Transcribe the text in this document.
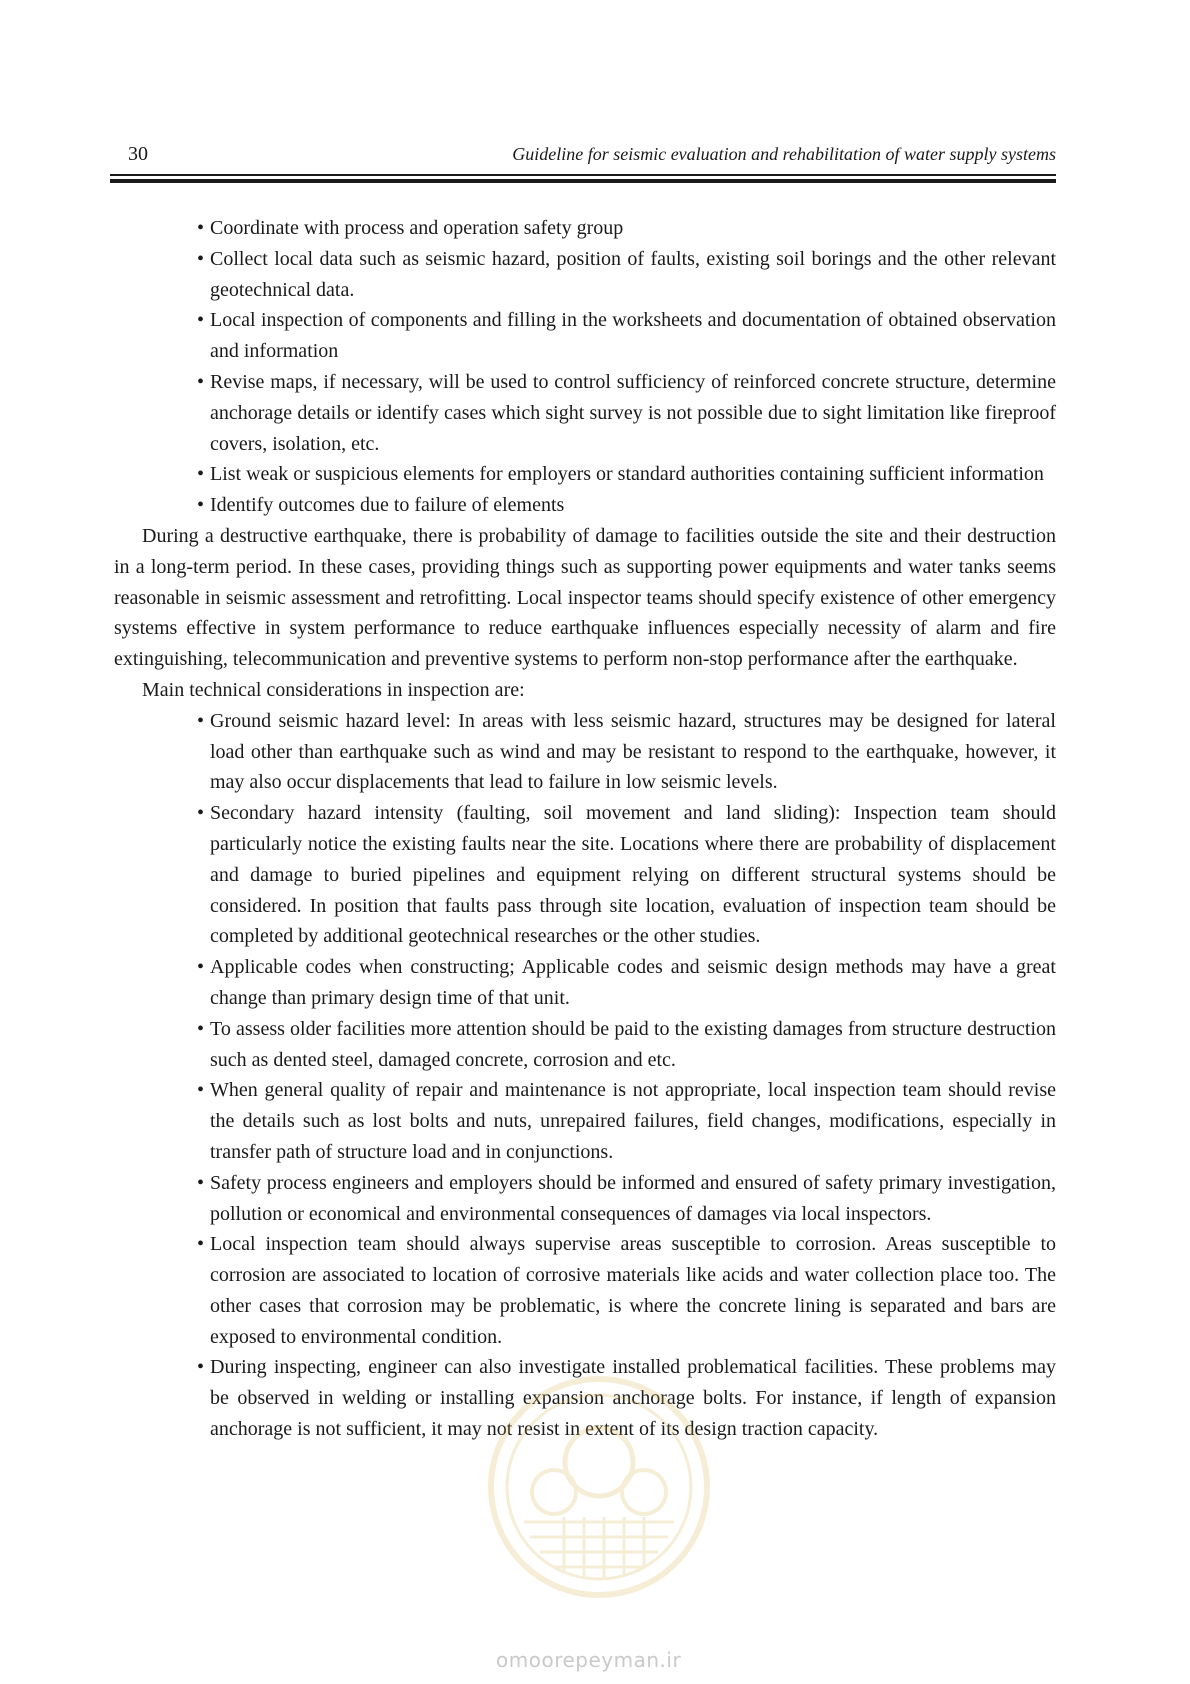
30	Guideline for seismic evaluation and rehabilitation of water supply systems
• Coordinate with process and operation safety group
• Collect local data such as seismic hazard, position of faults, existing soil borings and the other relevant geotechnical data.
• Local inspection of components and filling in the worksheets and documentation of obtained observation and information
• Revise maps, if necessary, will be used to control sufficiency of reinforced concrete structure, determine anchorage details or identify cases which sight survey is not possible due to sight limitation like fireproof covers, isolation, etc.
• List weak or suspicious elements for employers or standard authorities containing sufficient information
• Identify outcomes due to failure of elements

During a destructive earthquake, there is probability of damage to facilities outside the site and their destruction in a long-term period. In these cases, providing things such as supporting power equipments and water tanks seems reasonable in seismic assessment and retrofitting. Local inspector teams should specify existence of other emergency systems effective in system performance to reduce earthquake influences especially necessity of alarm and fire extinguishing, telecommunication and preventive systems to perform non-stop performance after the earthquake.

Main technical considerations in inspection are:

• Ground seismic hazard level: In areas with less seismic hazard, structures may be designed for lateral load other than earthquake such as wind and may be resistant to respond to the earthquake, however, it may also occur displacements that lead to failure in low seismic levels.
• Secondary hazard intensity (faulting, soil movement and land sliding): Inspection team should particularly notice the existing faults near the site. Locations where there are probability of displacement and damage to buried pipelines and equipment relying on different structural systems should be considered. In position that faults pass through site location, evaluation of inspection team should be completed by additional geotechnical researches or the other studies.
• Applicable codes when constructing; Applicable codes and seismic design methods may have a great change than primary design time of that unit.
• To assess older facilities more attention should be paid to the existing damages from structure destruction such as dented steel, damaged concrete, corrosion and etc.
• When general quality of repair and maintenance is not appropriate, local inspection team should revise the details such as lost bolts and nuts, unrepaired failures, field changes, modifications, especially in transfer path of structure load and in conjunctions.
• Safety process engineers and employers should be informed and ensured of safety primary investigation, pollution or economical and environmental consequences of damages via local inspectors.
• Local inspection team should always supervise areas susceptible to corrosion. Areas susceptible to corrosion are associated to location of corrosive materials like acids and water collection place too. The other cases that corrosion may be problematic, is where the concrete lining is separated and bars are exposed to environmental condition.
• During inspecting, engineer can also investigate installed problematical facilities. These problems may be observed in welding or installing expansion anchorage bolts. For instance, if length of expansion anchorage is not sufficient, it may not resist in extent of its design traction capacity.
omoorepeyman.ir
